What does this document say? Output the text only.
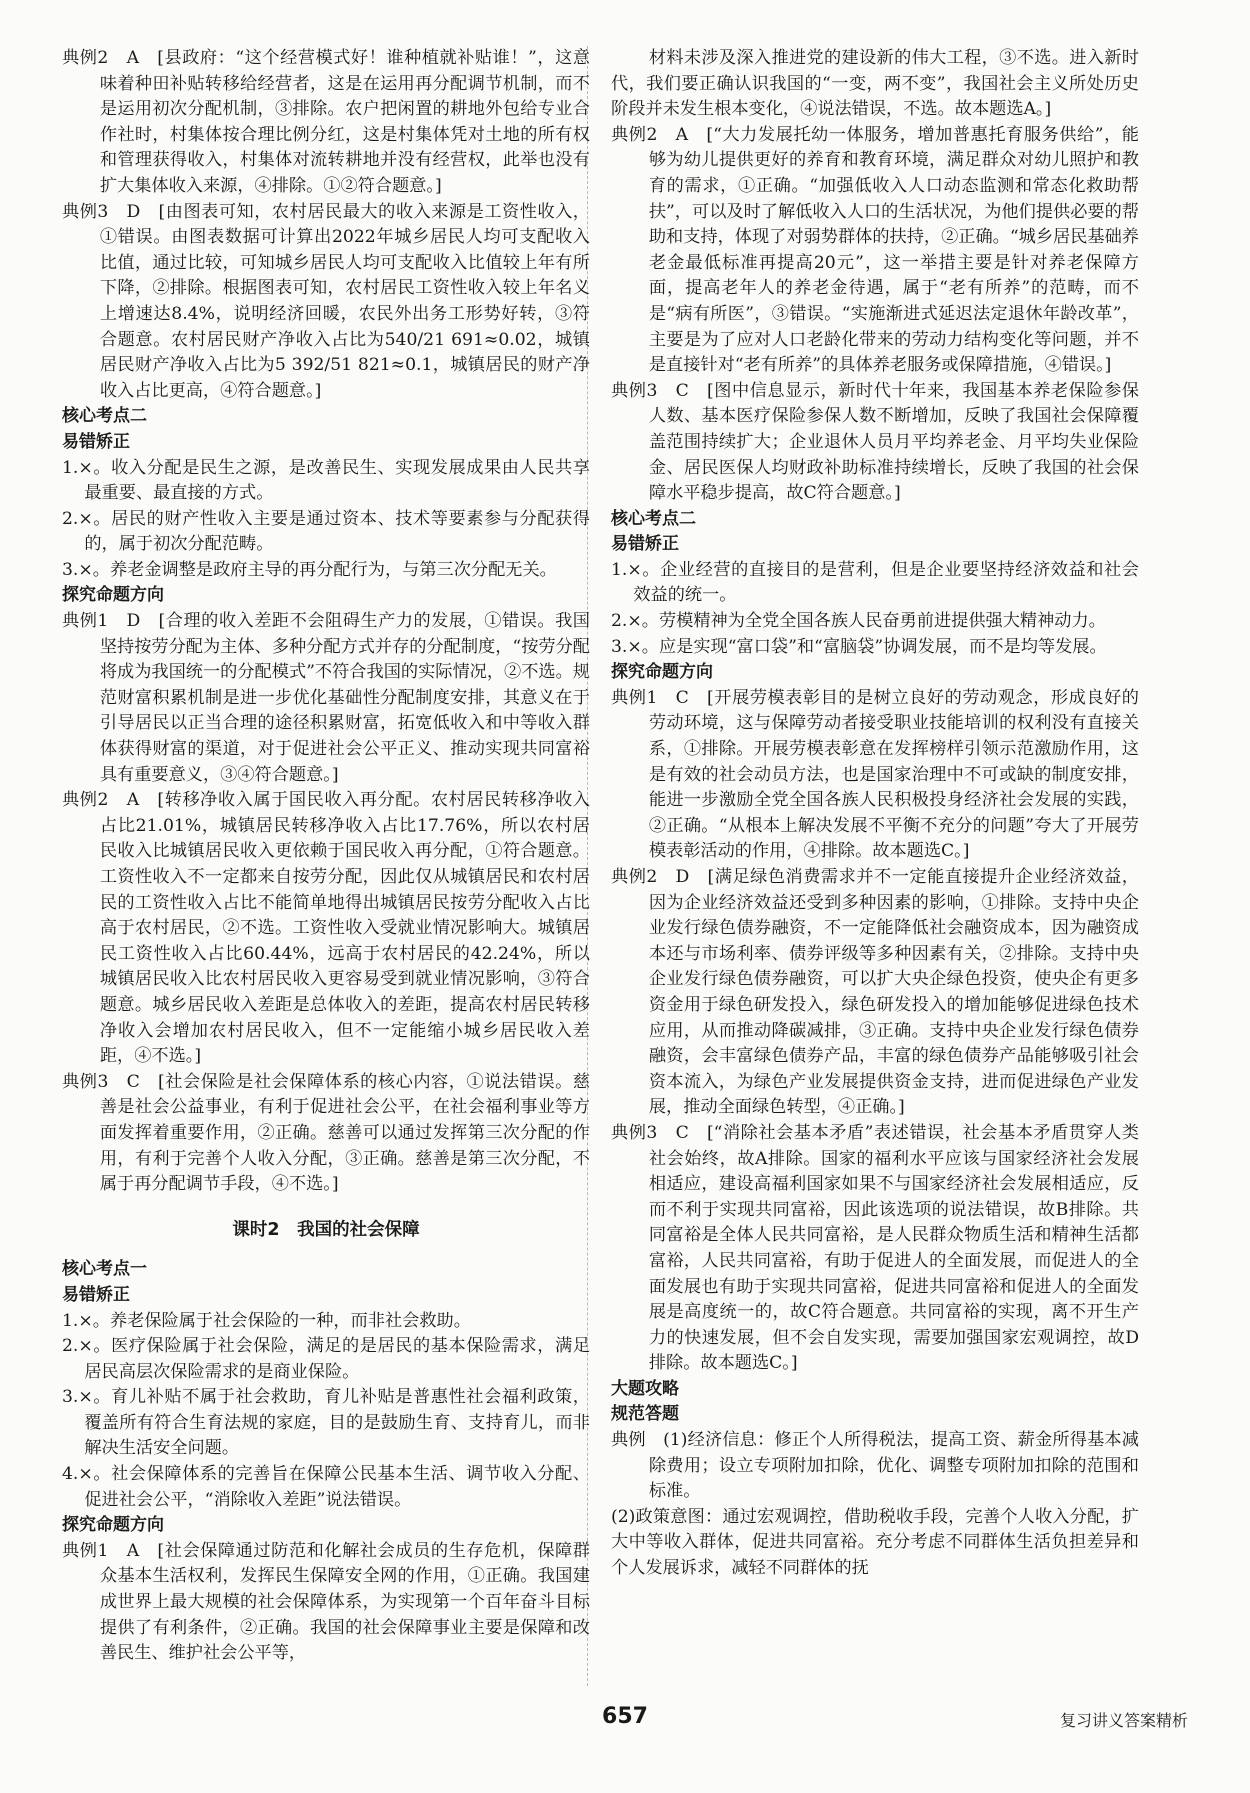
典例2　A　[县政府：“这个经营模式好！谁种植就补贴谁！”，这意味着种田补贴转移给经营者，这是在运用再分配调节机制，而不是运用初次分配机制，③排除。农户把闲置的耕地外包给专业合作社时，村集体按合理比例分红，这是村集体凭对土地的所有权和管理获得收入，村集体对流转耕地并没有经营权，此举也没有扩大集体收入来源，④排除。①②符合题意。]

典例3　D　[由图表可知，农村居民最大的收入来源是工资性收入，①错误。由图表数据可计算出2022年城乡居民人均可支配收入比值，通过比较，可知城乡居民人均可支配收入比值较上年有所下降，②排除。根据图表可知，农村居民工资性收入较上年名义上增速达8.4%，说明经济回暖，农民外出务工形势好转，③符合题意。农村居民财产净收入占比为540/21 691≈0.02，城镇居民财产净收入占比为5 392/51 821≈0.1，城镇居民的财产净收入占比更高，④符合题意。]

核心考点二

易错矫正

1.×。收入分配是民生之源，是改善民生、实现发展成果由人民共享最重要、最直接的方式。

2.×。居民的财产性收入主要是通过资本、技术等要素参与分配获得的，属于初次分配范畴。

3.×。养老金调整是政府主导的再分配行为，与第三次分配无关。

探究命题方向

典例1　D　[合理的收入差距不会阻碍生产力的发展，①错误。我国坚持按劳分配为主体、多种分配方式并存的分配制度，“按劳分配将成为我国统一的分配模式”不符合我国的实际情况，②不选。规范财富积累机制是进一步优化基础性分配制度安排，其意义在于引导居民以正当合理的途径积累财富，拓宽低收入和中等收入群体获得财富的渠道，对于促进社会公平正义、推动实现共同富裕具有重要意义，③④符合题意。]

典例2　A　[转移净收入属于国民收入再分配。农村居民转移净收入占比21.01%，城镇居民转移净收入占比17.76%，所以农村居民收入比城镇居民收入更依赖于国民收入再分配，①符合题意。工资性收入不一定都来自按劳分配，因此仅从城镇居民和农村居民的工资性收入占比不能简单地得出城镇居民按劳分配收入占比高于农村居民，②不选。工资性收入受就业情况影响大。城镇居民工资性收入占比60.44%，远高于农村居民的42.24%，所以城镇居民收入比农村居民收入更容易受到就业情况影响，③符合题意。城乡居民收入差距是总体收入的差距，提高农村居民转移净收入会增加农村居民收入，但不一定能缩小城乡居民收入差距，④不选。]

典例3　C　[社会保险是社会保障体系的核心内容，①说法错误。慈善是社会公益事业，有利于促进社会公平，在社会福利事业等方面发挥着重要作用，②正确。慈善可以通过发挥第三次分配的作用，有利于完善个人收入分配，③正确。慈善是第三次分配，不属于再分配调节手段，④不选。]

课时2　我国的社会保障

核心考点一

易错矫正

1.×。养老保险属于社会保险的一种，而非社会救助。

2.×。医疗保险属于社会保险，满足的是居民的基本保险需求，满足居民高层次保险需求的是商业保险。

3.×。育儿补贴不属于社会救助，育儿补贴是普惠性社会福利政策，覆盖所有符合生育法规的家庭，目的是鼓励生育、支持育儿，而非解决生活安全问题。

4.×。社会保障体系的完善旨在保障公民基本生活、调节收入分配、促进社会公平，“消除收入差距”说法错误。

探究命题方向

典例1　A　[社会保障通过防范和化解社会成员的生存危机，保障群众基本生活权利，发挥民生保障安全网的作用，①正确。我国建成世界上最大规模的社会保障体系，为实现第一个百年奋斗目标提供了有利条件，②正确。我国的社会保障事业主要是保障和改善民生、维护社会公平等，

材料未涉及深入推进党的建设新的伟大工程，③不选。进入新时代，我们要正确认识我国的“一变，两不变”，我国社会主义所处历史阶段并未发生根本变化，④说法错误，不选。故本题选A。]

典例2　A　[“大力发展托幼一体服务，增加普惠托育服务供给”，能够为幼儿提供更好的养育和教育环境，满足群众对幼儿照护和教育的需求，①正确。“加强低收入人口动态监测和常态化救助帮扶”，可以及时了解低收入人口的生活状况，为他们提供必要的帮助和支持，体现了对弱势群体的扶持，②正确。“城乡居民基础养老金最低标准再提高20元”，这一举措主要是针对养老保障方面，提高老年人的养老金待遇，属于“老有所养”的范畴，而不是“病有所医”，③错误。“实施渐进式延迟法定退休年龄改革”，主要是为了应对人口老龄化带来的劳动力结构变化等问题，并不是直接针对“老有所养”的具体养老服务或保障措施，④错误。]

典例3　C　[图中信息显示，新时代十年来，我国基本养老保险参保人数、基本医疗保险参保人数不断增加，反映了我国社会保障覆盖范围持续扩大；企业退休人员月平均养老金、月平均失业保险金、居民医保人均财政补助标准持续增长，反映了我国的社会保障水平稳步提高，故C符合题意。]

核心考点二

易错矫正

1.×。企业经营的直接目的是营利，但是企业要坚持经济效益和社会效益的统一。

2.×。劳模精神为全党全国各族人民奋勇前进提供强大精神动力。

3.×。应是实现“富口袋”和“富脑袋”协调发展，而不是均等发展。

探究命题方向

典例1　C　[开展劳模表彰目的是树立良好的劳动观念，形成良好的劳动环境，这与保障劳动者接受职业技能培训的权利没有直接关系，①排除。开展劳模表彰意在发挥榜样引领示范激励作用，这是有效的社会动员方法，也是国家治理中不可或缺的制度安排，能进一步激励全党全国各族人民积极投身经济社会发展的实践，②正确。“从根本上解决发展不平衡不充分的问题”夸大了开展劳模表彰活动的作用，④排除。故本题选C。]

典例2　D　[满足绿色消费需求并不一定能直接提升企业经济效益，因为企业经济效益还受到多种因素的影响，①排除。支持中央企业发行绿色债券融资，不一定能降低社会融资成本，因为融资成本还与市场利率、债券评级等多种因素有关，②排除。支持中央企业发行绿色债券融资，可以扩大央企绿色投资，使央企有更多资金用于绿色研发投入，绿色研发投入的增加能够促进绿色技术应用，从而推动降碳减排，③正确。支持中央企业发行绿色债券融资，会丰富绿色债券产品，丰富的绿色债券产品能够吸引社会资本流入，为绿色产业发展提供资金支持，进而促进绿色产业发展，推动全面绿色转型，④正确。]

典例3　C　[“消除社会基本矛盾”表述错误，社会基本矛盾贯穿人类社会始终，故A排除。国家的福利水平应该与国家经济社会发展相适应，建设高福利国家如果不与国家经济社会发展相适应，反而不利于实现共同富裕，因此该选项的说法错误，故B排除。共同富裕是全体人民共同富裕，是人民群众物质生活和精神生活都富裕，人民共同富裕，有助于促进人的全面发展，而促进人的全面发展也有助于实现共同富裕，促进共同富裕和促进人的全面发展是高度统一的，故C符合题意。共同富裕的实现，离不开生产力的快速发展，但不会自发实现，需要加强国家宏观调控，故D排除。故本题选C。]

大题攻略

规范答题

典例　(1)经济信息：修正个人所得税法，提高工资、薪金所得基本减除费用；设立专项附加扣除，优化、调整专项附加扣除的范围和标准。

(2)政策意图：通过宏观调控，借助税收手段，完善个人收入分配，扩大中等收入群体，促进共同富裕。充分考虑不同群体生活负担差异和个人发展诉求，减轻不同群体的抚

657	复习讲义答案精析
